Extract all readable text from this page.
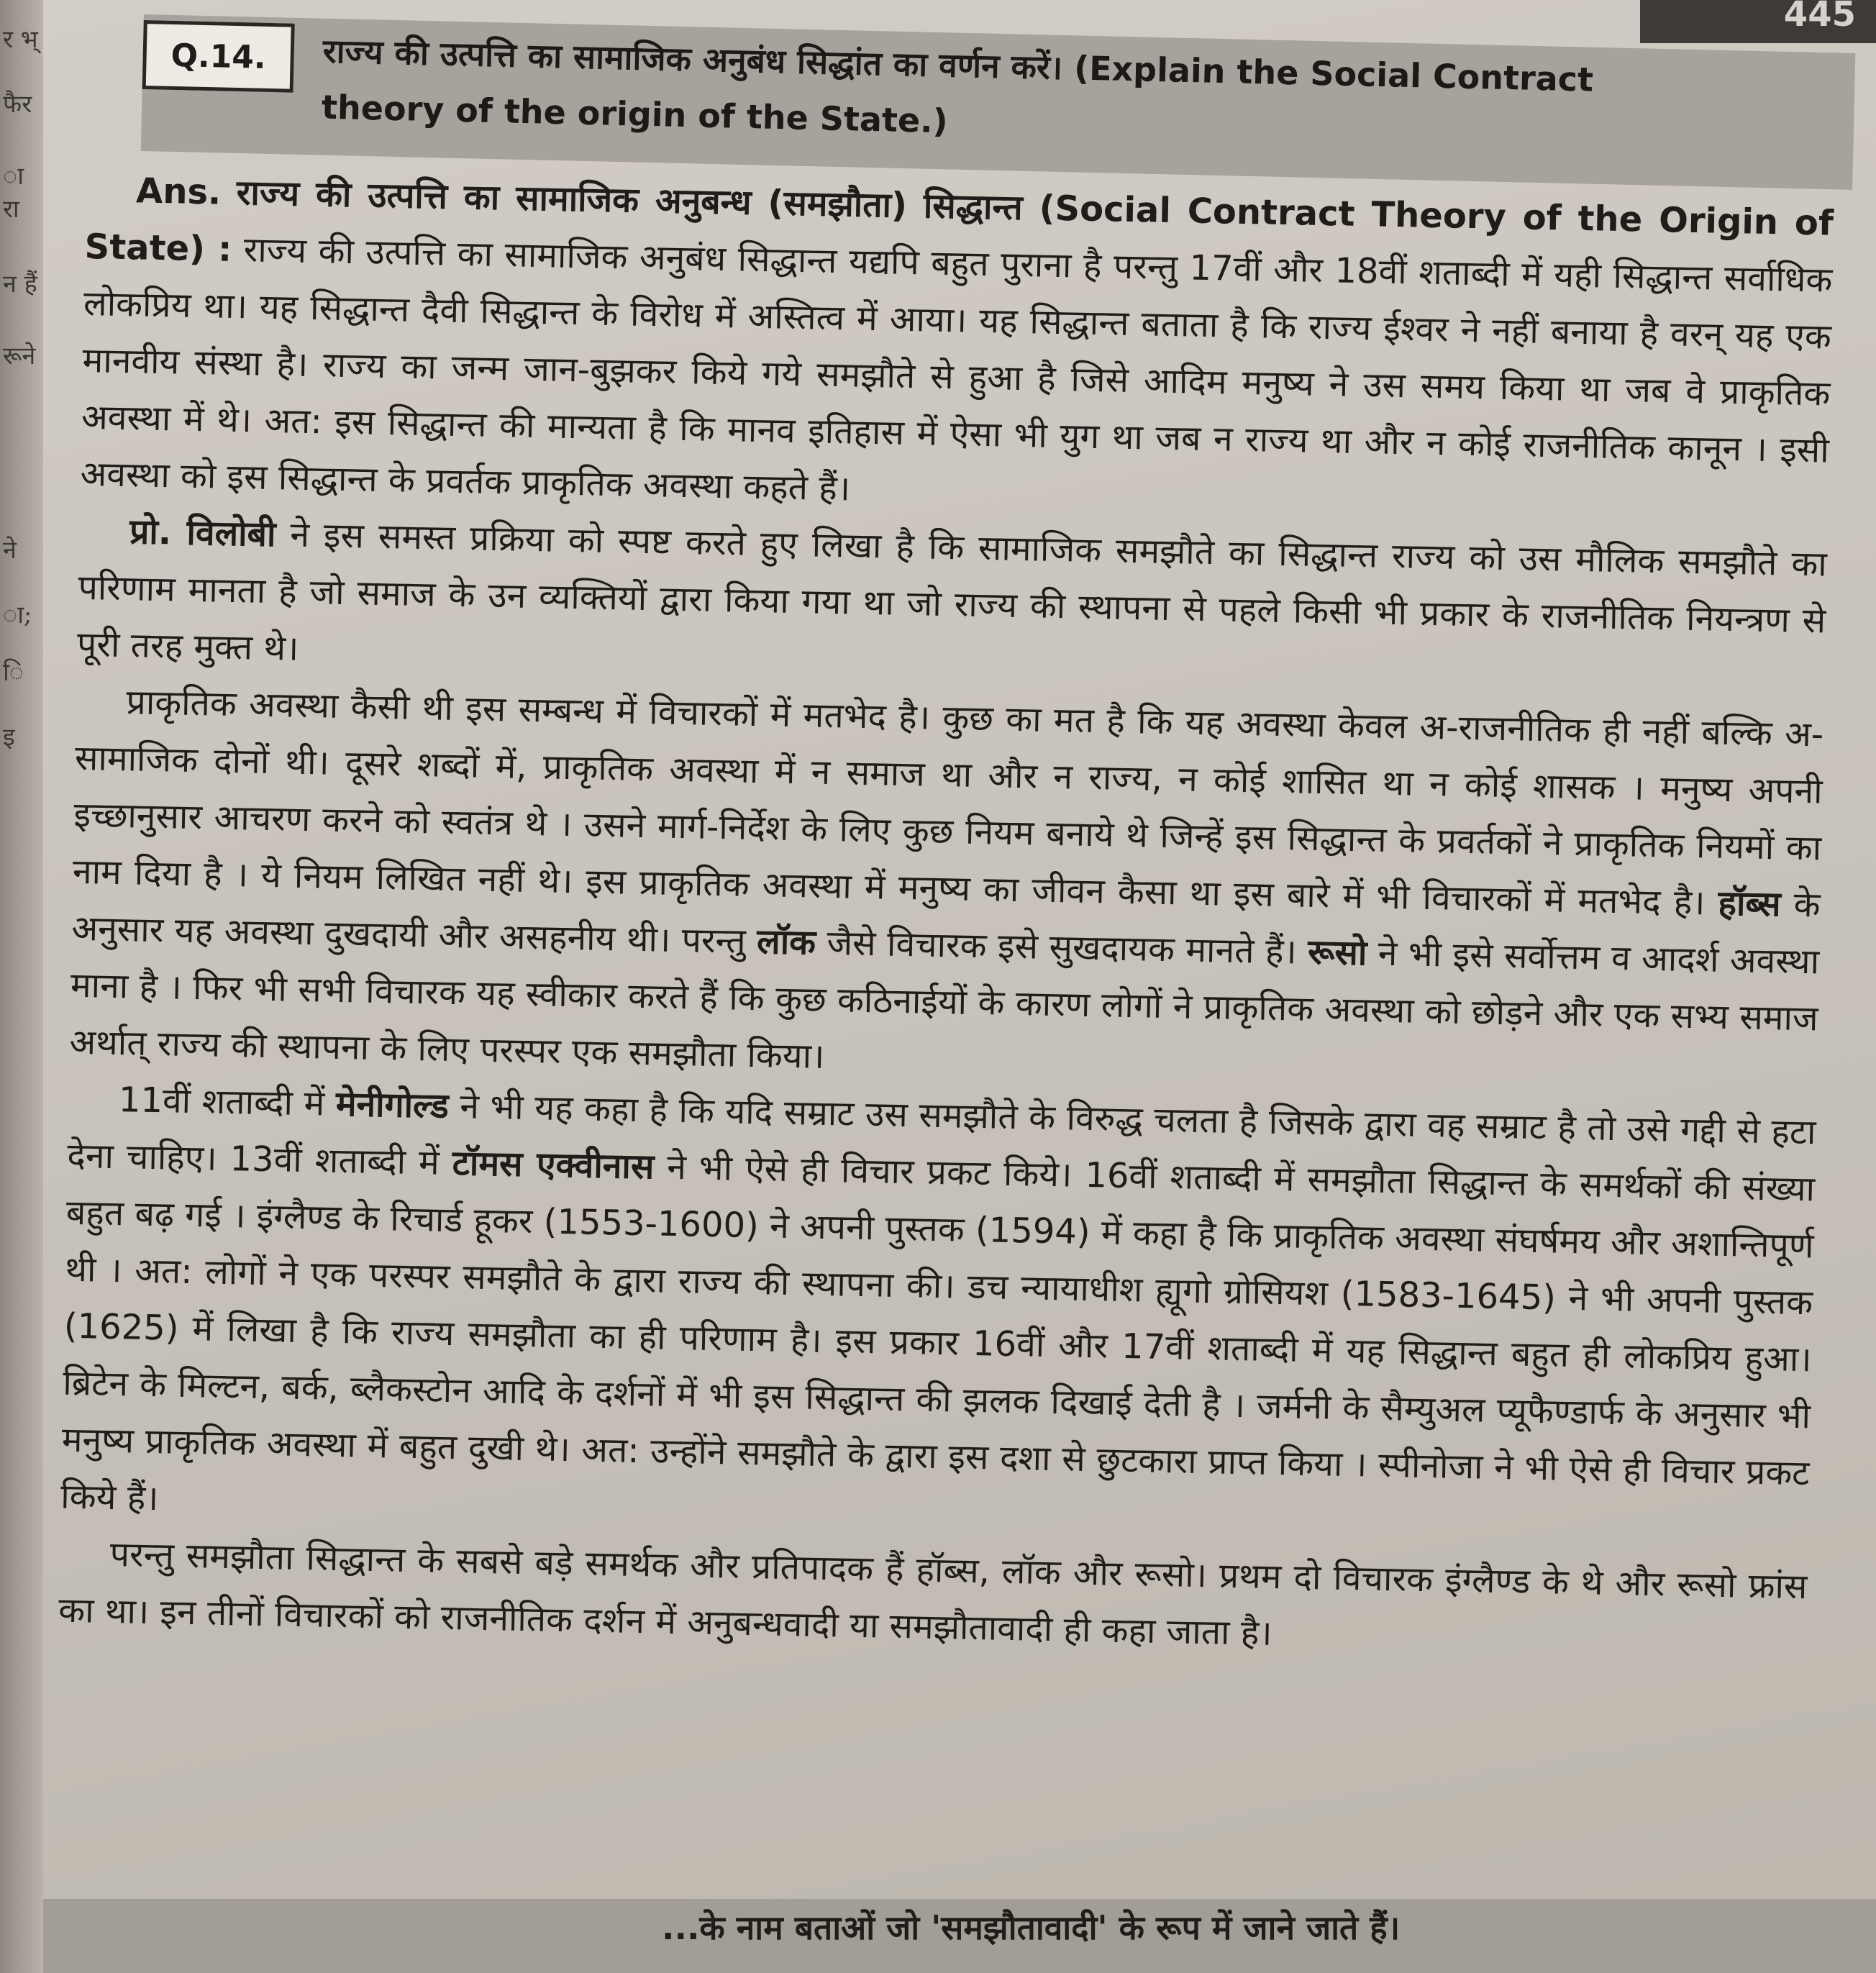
र भ्
फैर
ा रा
न हैं
रूने
ने
ा;
ि
इ
445
Q.14. राज्य की उत्पत्ति का सामाजिक अनुबंध सिद्धांत का वर्णन करें। (Explain the Social Contract
theory of the origin of the State.)

Ans. राज्य की उत्पत्ति का सामाजिक अनुबन्ध (समझौता) सिद्धान्त (Social Contract Theory of the Origin of State) : राज्य की उत्पत्ति का सामाजिक अनुबंध सिद्धान्त यद्यपि बहुत पुराना है परन्तु 17वीं और 18वीं शताब्दी में यही सिद्धान्त सर्वाधिक लोकप्रिय था। यह सिद्धान्त दैवी सिद्धान्त के विरोध में अस्तित्व में आया। यह सिद्धान्त बताता है कि राज्य ईश्वर ने नहीं बनाया है वरन् यह एक मानवीय संस्था है। राज्य का जन्म जान-बुझकर किये गये समझौते से हुआ है जिसे आदिम मनुष्य ने उस समय किया था जब वे प्राकृतिक अवस्था में थे। अत: इस सिद्धान्त की मान्यता है कि मानव इतिहास में ऐसा भी युग था जब न राज्य था और न कोई राजनीतिक कानून । इसी अवस्था को इस सिद्धान्त के प्रवर्तक प्राकृतिक अवस्था कहते हैं।

प्रो. विलोबी ने इस समस्त प्रक्रिया को स्पष्ट करते हुए लिखा है कि सामाजिक समझौते का सिद्धान्त राज्य को उस मौलिक समझौते का परिणाम मानता है जो समाज के उन व्यक्तियों द्वारा किया गया था जो राज्य की स्थापना से पहले किसी भी प्रकार के राजनीतिक नियन्त्रण से पूरी तरह मुक्त थे।

प्राकृतिक अवस्था कैसी थी इस सम्बन्ध में विचारकों में मतभेद है। कुछ का मत है कि यह अवस्था केवल अ-राजनीतिक ही नहीं बल्कि अ-सामाजिक दोनों थी। दूसरे शब्दों में, प्राकृतिक अवस्था में न समाज था और न राज्य, न कोई शासित था न कोई शासक । मनुष्य अपनी इच्छानुसार आचरण करने को स्वतंत्र थे । उसने मार्ग-निर्देश के लिए कुछ नियम बनाये थे जिन्हें इस सिद्धान्त के प्रवर्तकों ने प्राकृतिक नियमों का नाम दिया है । ये नियम लिखित नहीं थे। इस प्राकृतिक अवस्था में मनुष्य का जीवन कैसा था इस बारे में भी विचारकों में मतभेद है। हॉब्स के अनुसार यह अवस्था दुखदायी और असहनीय थी। परन्तु लॉक जैसे विचारक इसे सुखदायक मानते हैं। रूसो ने भी इसे सर्वोत्तम व आदर्श अवस्था माना है । फिर भी सभी विचारक यह स्वीकार करते हैं कि कुछ कठिनाईयों के कारण लोगों ने प्राकृतिक अवस्था को छोड़ने और एक सभ्य समाज अर्थात् राज्य की स्थापना के लिए परस्पर एक समझौता किया।

11वीं शताब्दी में मेनीगोल्ड ने भी यह कहा है कि यदि सम्राट उस समझौते के विरुद्ध चलता है जिसके द्वारा वह सम्राट है तो उसे गद्दी से हटा देना चाहिए। 13वीं शताब्दी में टॉमस एक्वीनास ने भी ऐसे ही विचार प्रकट किये। 16वीं शताब्दी में समझौता सिद्धान्त के समर्थकों की संख्या बहुत बढ़ गई । इंग्लैण्ड के रिचार्ड हूकर (1553-1600) ने अपनी पुस्तक (1594) में कहा है कि प्राकृतिक अवस्था संघर्षमय और अशान्तिपूर्ण थी । अत: लोगों ने एक परस्पर समझौते के द्वारा राज्य की स्थापना की। डच न्यायाधीश ह्यूगो ग्रोसियश (1583-1645) ने भी अपनी पुस्तक (1625) में लिखा है कि राज्य समझौता का ही परिणाम है। इस प्रकार 16वीं और 17वीं शताब्दी में यह सिद्धान्त बहुत ही लोकप्रिय हुआ। ब्रिटेन के मिल्टन, बर्क, ब्लैकस्टोन आदि के दर्शनों में भी इस सिद्धान्त की झलक दिखाई देती है । जर्मनी के सैम्युअल प्यूफैण्डार्फ के अनुसार भी मनुष्य प्राकृतिक अवस्था में बहुत दुखी थे। अत: उन्होंने समझौते के द्वारा इस दशा से छुटकारा प्राप्त किया । स्पीनोजा ने भी ऐसे ही विचार प्रकट किये हैं।

परन्तु समझौता सिद्धान्त के सबसे बड़े समर्थक और प्रतिपादक हैं हॉब्स, लॉक और रूसो। प्रथम दो विचारक इंग्लैण्ड के थे और रूसो फ्रांस का था। इन तीनों विचारकों को राजनीतिक दर्शन में अनुबन्धवादी या समझौतावादी ही कहा जाता है।

...के नाम बताओं जो 'समझौतावादी' के रूप में जाने जाते हैं।
